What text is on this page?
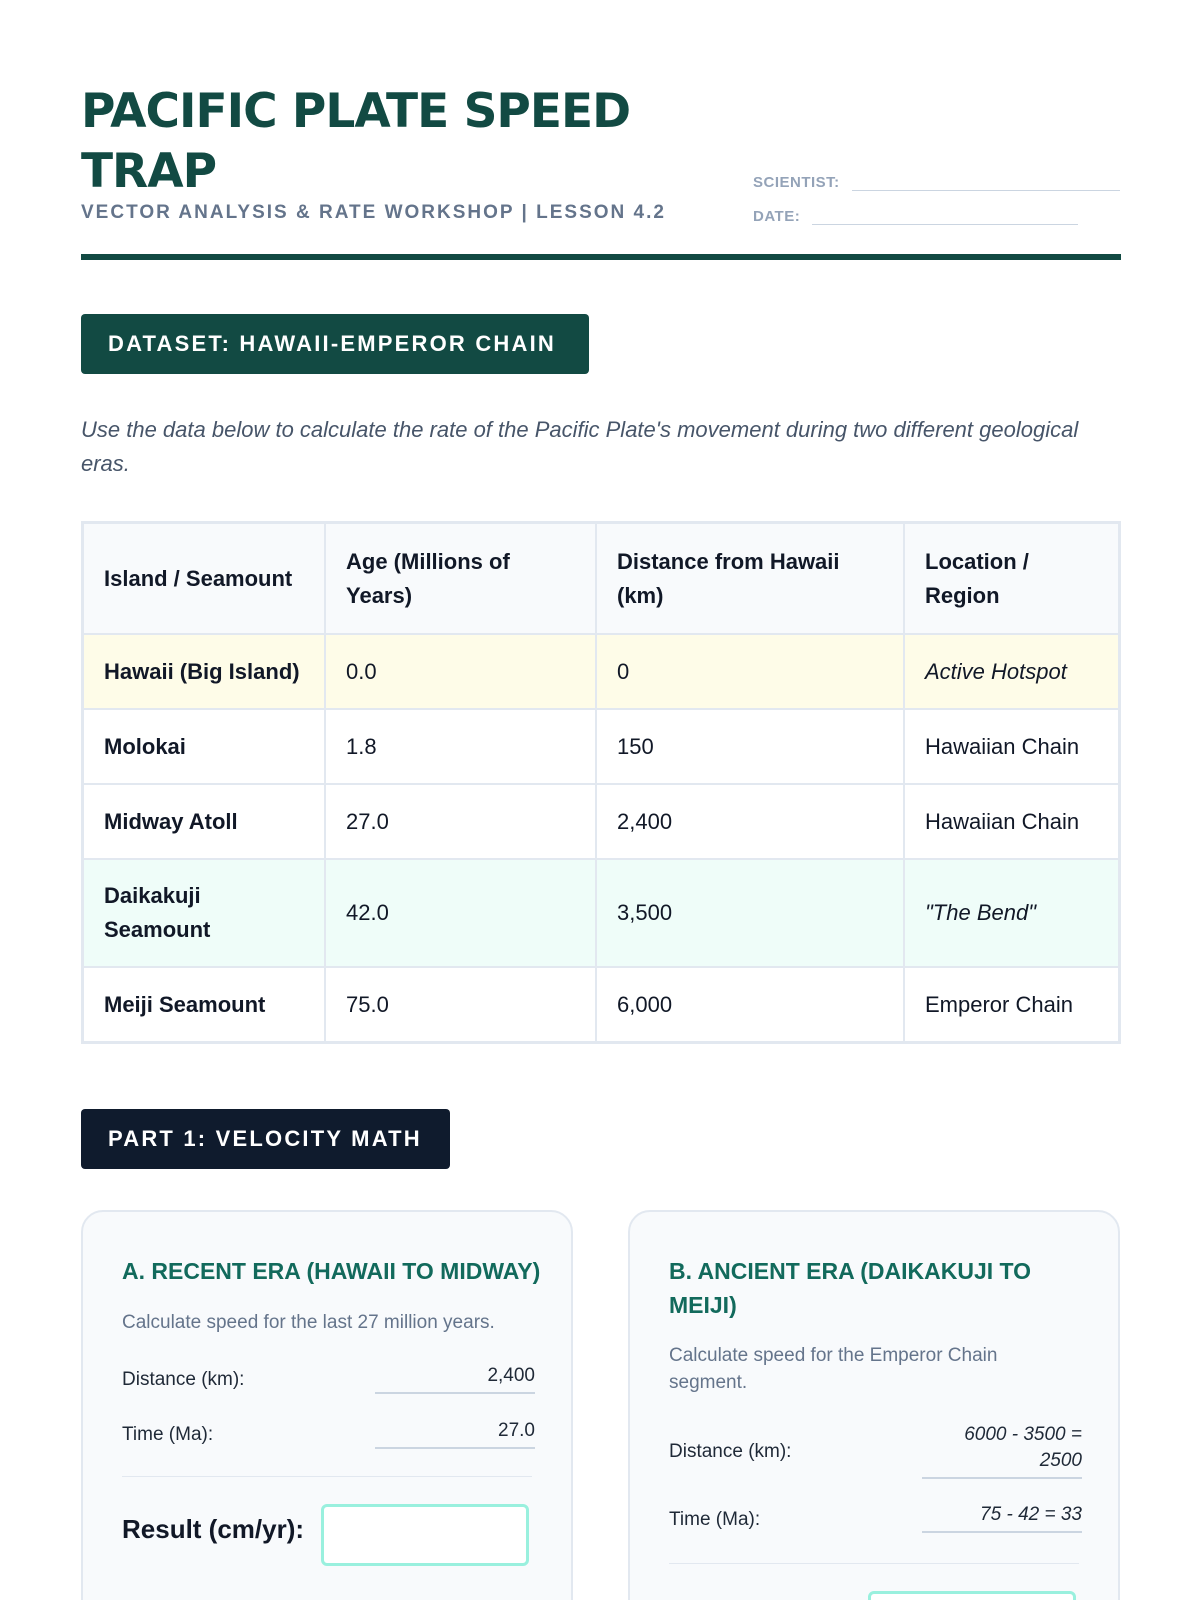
PACIFIC PLATE SPEED TRAP
VECTOR ANALYSIS & RATE WORKSHOP | LESSON 4.2
SCIENTIST:
DATE:
DATASET: HAWAII-EMPEROR CHAIN

Use the data below to calculate the rate of the Pacific Plate's movement during two different geological eras.

Island / Seamount	Age (Millions of Years)	Distance from Hawaii (km)	Location / Region
Hawaii (Big Island)	0.0	0	Active Hotspot
Molokai	1.8	150	Hawaiian Chain
Midway Atoll	27.0	2,400	Hawaiian Chain
Daikakuji Seamount	42.0	3,500	"The Bend"
Meiji Seamount	75.0	6,000	Emperor Chain
PART 1: VELOCITY MATH
A. RECENT ERA (HAWAII TO MIDWAY)

Calculate speed for the last 27 million years.

Distance (km):	2,400
Time (Ma):	27.0
Result (cm/yr):
B. ANCIENT ERA (DAIKAKUJI TO MEIJI)

Calculate speed for the Emperor Chain segment.

Distance (km):
6000 - 3500 = 2500
Time (Ma):	75 - 42 = 33
